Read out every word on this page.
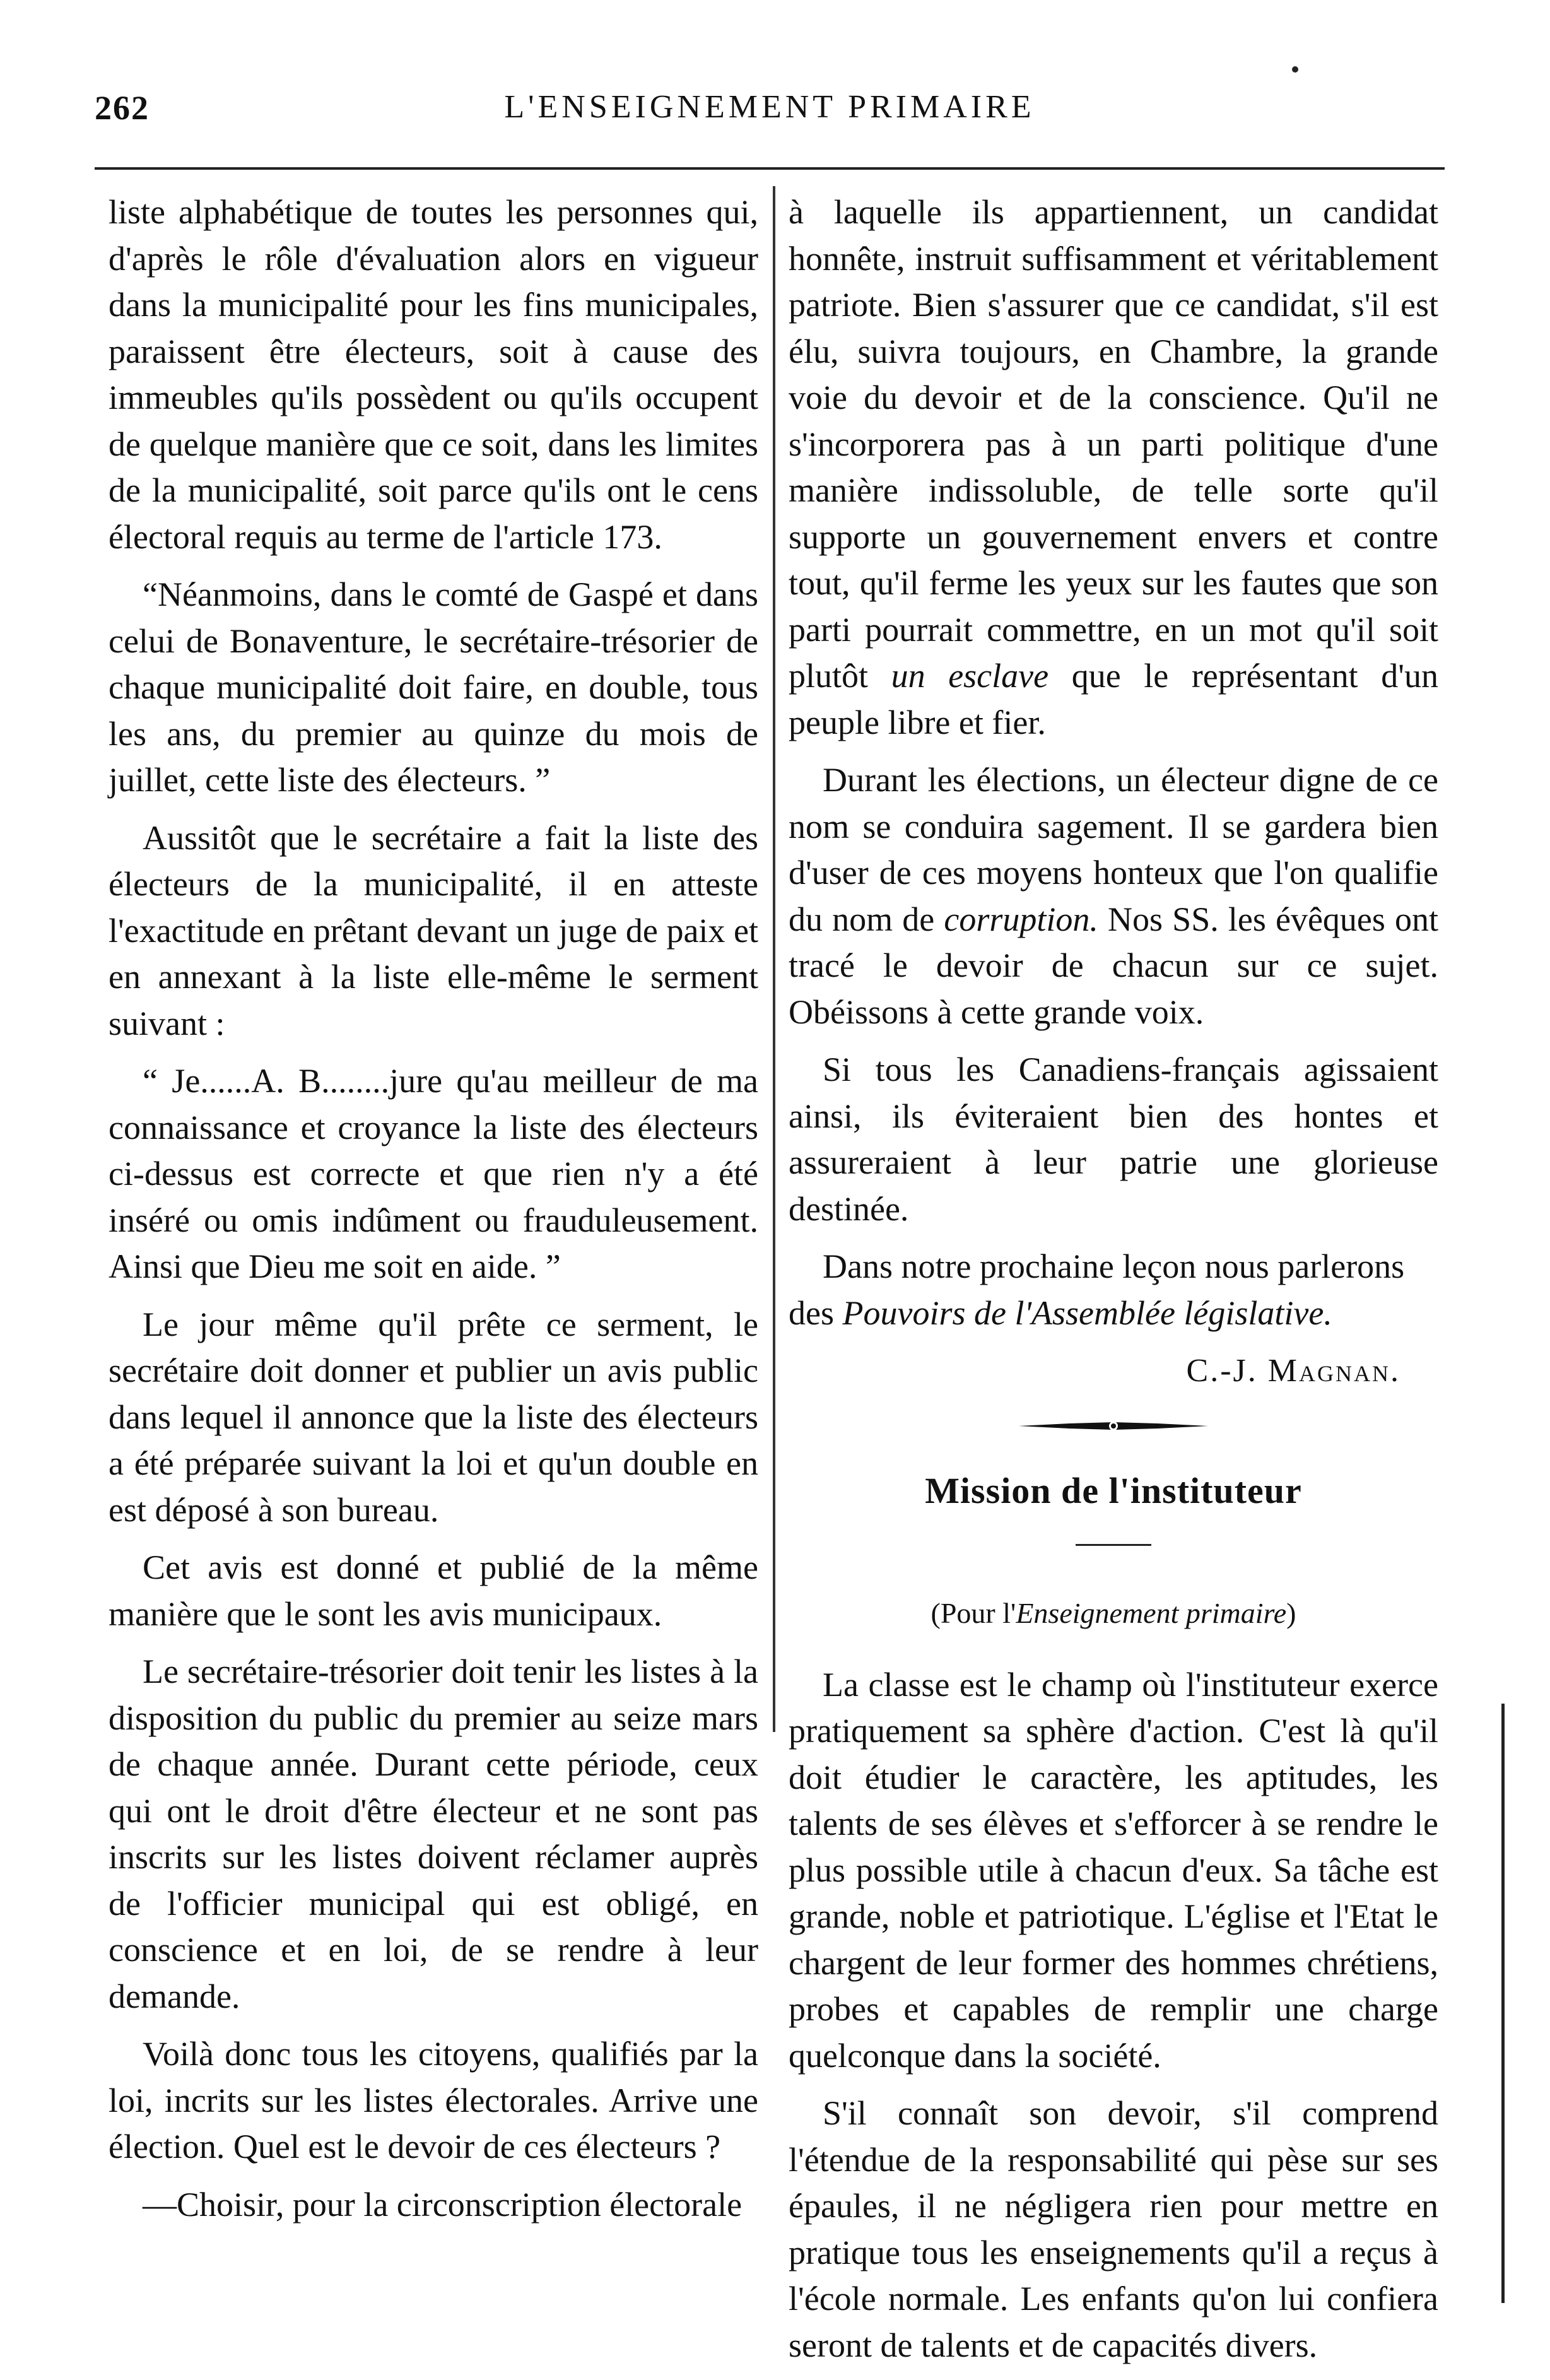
262	L'ENSEIGNEMENT PRIMAIRE

liste alphabétique de toutes les personnes qui, d'après le rôle d'évaluation alors en vigueur dans la municipalité pour les fins municipales, paraissent être électeurs, soit à cause des immeubles qu'ils possèdent ou qu'ils occupent de quelque manière que ce soit, dans les limites de la municipalité, soit parce qu'ils ont le cens électoral requis au terme de l'article 173.

“Néanmoins, dans le comté de Gaspé et dans celui de Bonaventure, le secrétaire-trésorier de chaque municipalité doit faire, en double, tous les ans, du premier au quinze du mois de juillet, cette liste des électeurs. ”

Aussitôt que le secrétaire a fait la liste des électeurs de la municipalité, il en atteste l'exactitude en prêtant devant un juge de paix et en annexant à la liste elle-même le serment suivant :

“ Je......A. B........jure qu'au meilleur de ma connaissance et croyance la liste des électeurs ci-dessus est correcte et que rien n'y a été inséré ou omis indûment ou frauduleusement. Ainsi que Dieu me soit en aide. ”

Le jour même qu'il prête ce serment, le secrétaire doit donner et publier un avis public dans lequel il annonce que la liste des électeurs a été préparée suivant la loi et qu'un double en est déposé à son bureau.

Cet avis est donné et publié de la même manière que le sont les avis municipaux.

Le secrétaire-trésorier doit tenir les listes à la disposition du public du premier au seize mars de chaque année. Durant cette période, ceux qui ont le droit d'être électeur et ne sont pas inscrits sur les listes doivent réclamer auprès de l'officier municipal qui est obligé, en conscience et en loi, de se rendre à leur demande.

Voilà donc tous les citoyens, qualifiés par la loi, incrits sur les listes électorales. Arrive une élection. Quel est le devoir de ces électeurs ?

—Choisir, pour la circonscription électorale

à laquelle ils appartiennent, un candidat honnête, instruit suffisamment et véritablement patriote. Bien s'assurer que ce candidat, s'il est élu, suivra toujours, en Chambre, la grande voie du devoir et de la conscience. Qu'il ne s'incorporera pas à un parti politique d'une manière indissoluble, de telle sorte qu'il supporte un gouvernement envers et contre tout, qu'il ferme les yeux sur les fautes que son parti pourrait commettre, en un mot qu'il soit plutôt un esclave que le représentant d'un peuple libre et fier.

Durant les élections, un électeur digne de ce nom se conduira sagement. Il se gardera bien d'user de ces moyens honteux que l'on qualifie du nom de corruption. Nos SS. les évêques ont tracé le devoir de chacun sur ce sujet. Obéissons à cette grande voix.

Si tous les Canadiens-français agissaient ainsi, ils éviteraient bien des hontes et assureraient à leur patrie une glorieuse destinée.

Dans notre prochaine leçon nous parlerons des Pouvoirs de l'Assemblée législative.

C.-J. Magnan.
Mission de l'instituteur
(Pour l'Enseignement primaire)

La classe est le champ où l'instituteur exerce pratiquement sa sphère d'action. C'est là qu'il doit étudier le caractère, les aptitudes, les talents de ses élèves et s'efforcer à se rendre le plus possible utile à chacun d'eux. Sa tâche est grande, noble et patriotique. L'église et l'Etat le chargent de leur former des hommes chrétiens, probes et capables de remplir une charge quelconque dans la société.

S'il connaît son devoir, s'il comprend l'étendue de la responsabilité qui pèse sur ses épaules, il ne négligera rien pour mettre en pratique tous les enseignements qu'il a reçus à l'école normale. Les enfants qu'on lui confiera seront de talents et de capacités divers.
